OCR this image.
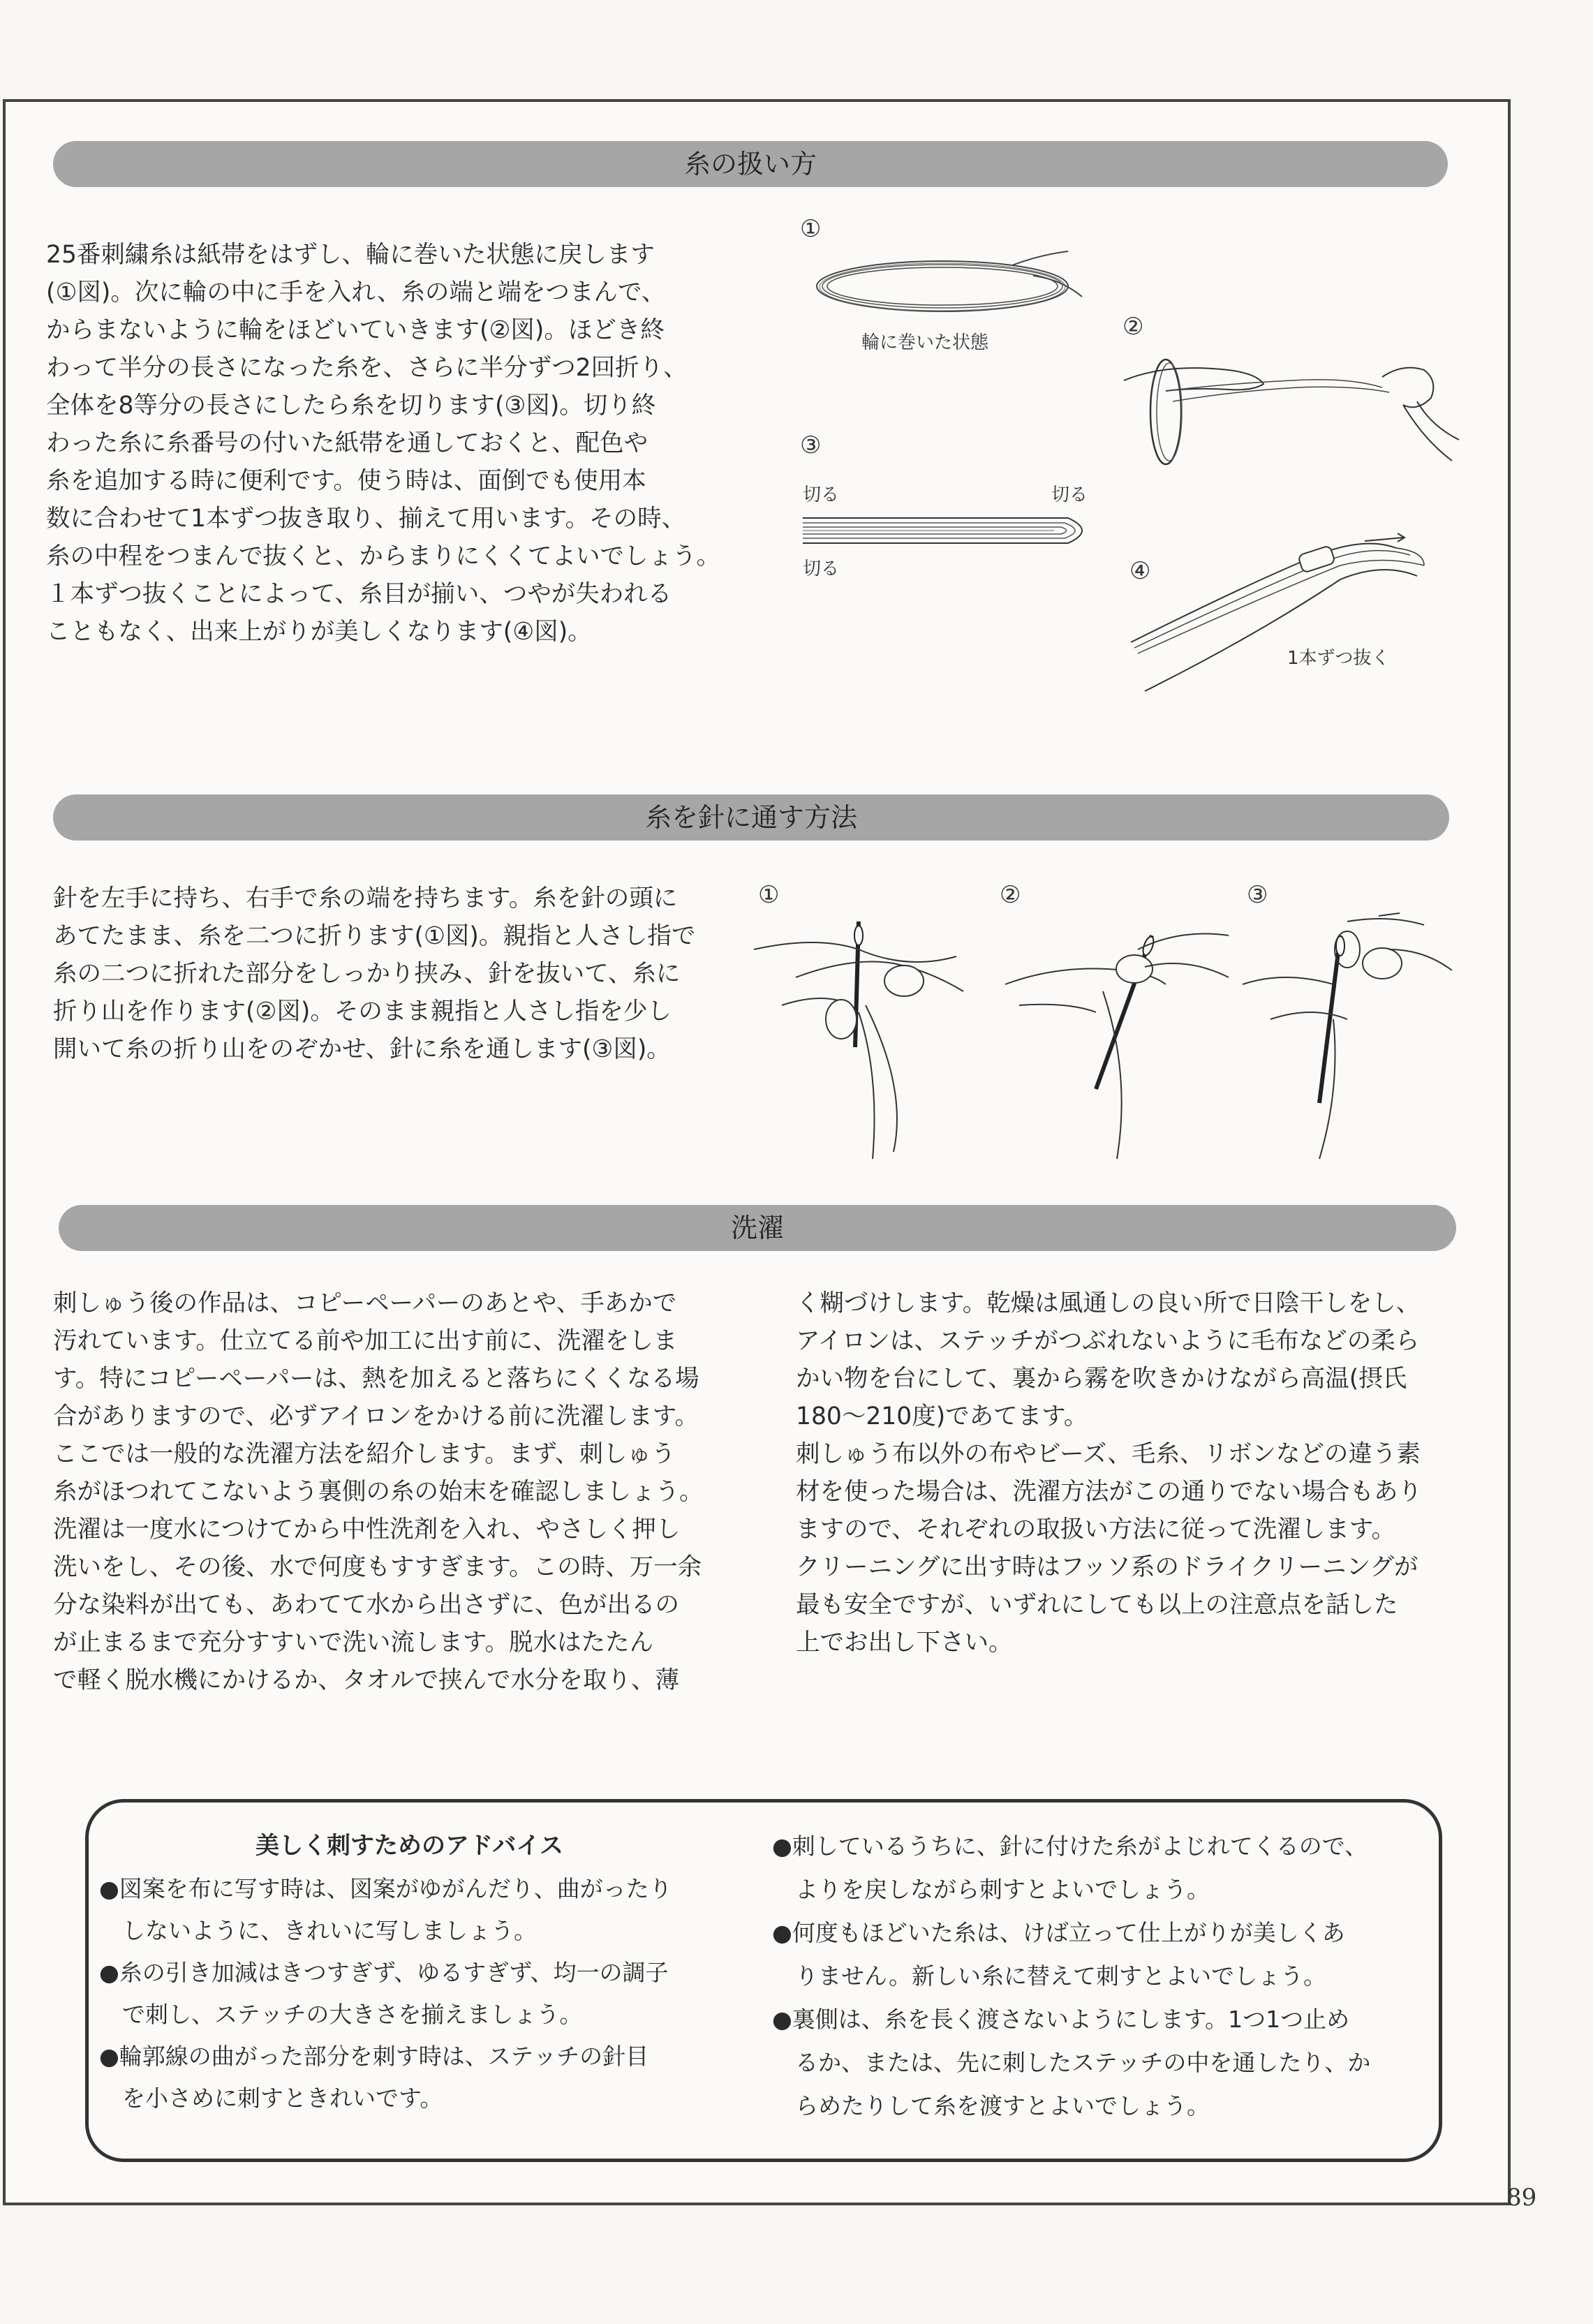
糸の扱い方
25番刺繍糸は紙帯をはずし、輪に巻いた状態に戻します
(①図)。次に輪の中に手を入れ、糸の端と端をつまんで、
からまないように輪をほどいていきます(②図)。ほどき終
わって半分の長さになった糸を、さらに半分ずつ2回折り、
全体を8等分の長さにしたら糸を切ります(③図)。切り終
わった糸に糸番号の付いた紙帯を通しておくと、配色や
糸を追加する時に便利です。使う時は、面倒でも使用本
数に合わせて1本ずつ抜き取り、揃えて用います。その時、
糸の中程をつまんで抜くと、からまりにくくてよいでしょう。
１本ずつ抜くことによって、糸目が揃い、つやが失われる
こともなく、出来上がりが美しくなります(④図)。
①
輪に巻いた状態
②
③
切る	切る
切る	④
1本ずつ抜く
糸を針に通す方法
針を左手に持ち、右手で糸の端を持ちます。糸を針の頭に
あてたまま、糸を二つに折ります(①図)。親指と人さし指で
糸の二つに折れた部分をしっかり挟み、針を抜いて、糸に
折り山を作ります(②図)。そのまま親指と人さし指を少し
開いて糸の折り山をのぞかせ、針に糸を通します(③図)。
①	②	③
洗濯
刺しゅう後の作品は、コピーペーパーのあとや、手あかで
汚れています。仕立てる前や加工に出す前に、洗濯をしま
す。特にコピーペーパーは、熱を加えると落ちにくくなる場
合がありますので、必ずアイロンをかける前に洗濯します。
ここでは一般的な洗濯方法を紹介します。まず、刺しゅう
糸がほつれてこないよう裏側の糸の始末を確認しましょう。
洗濯は一度水につけてから中性洗剤を入れ、やさしく押し
洗いをし、その後、水で何度もすすぎます。この時、万一余
分な染料が出ても、あわてて水から出さずに、色が出るの
が止まるまで充分すすいで洗い流します。脱水はたたん
で軽く脱水機にかけるか、タオルで挟んで水分を取り、薄
く糊づけします。乾燥は風通しの良い所で日陰干しをし、
アイロンは、ステッチがつぶれないように毛布などの柔ら
かい物を台にして、裏から霧を吹きかけながら高温(摂氏
180〜210度)であてます。
刺しゅう布以外の布やビーズ、毛糸、リボンなどの違う素
材を使った場合は、洗濯方法がこの通りでない場合もあり
ますので、それぞれの取扱い方法に従って洗濯します。
クリーニングに出す時はフッソ系のドライクリーニングが
最も安全ですが、いずれにしても以上の注意点を話した
上でお出し下さい。
美しく刺すためのアドバイス
●図案を布に写す時は、図案がゆがんだり、曲がったり
　しないように、きれいに写しましょう。
●糸の引き加減はきつすぎず、ゆるすぎず、均一の調子
　で刺し、ステッチの大きさを揃えましょう。
●輪郭線の曲がった部分を刺す時は、ステッチの針目
　を小さめに刺すときれいです。
●刺しているうちに、針に付けた糸がよじれてくるので、
　よりを戻しながら刺すとよいでしょう。
●何度もほどいた糸は、けば立って仕上がりが美しくあ
　りません。新しい糸に替えて刺すとよいでしょう。
●裏側は、糸を長く渡さないようにします。1つ1つ止め
　るか、または、先に刺したステッチの中を通したり、か
　らめたりして糸を渡すとよいでしょう。
89
